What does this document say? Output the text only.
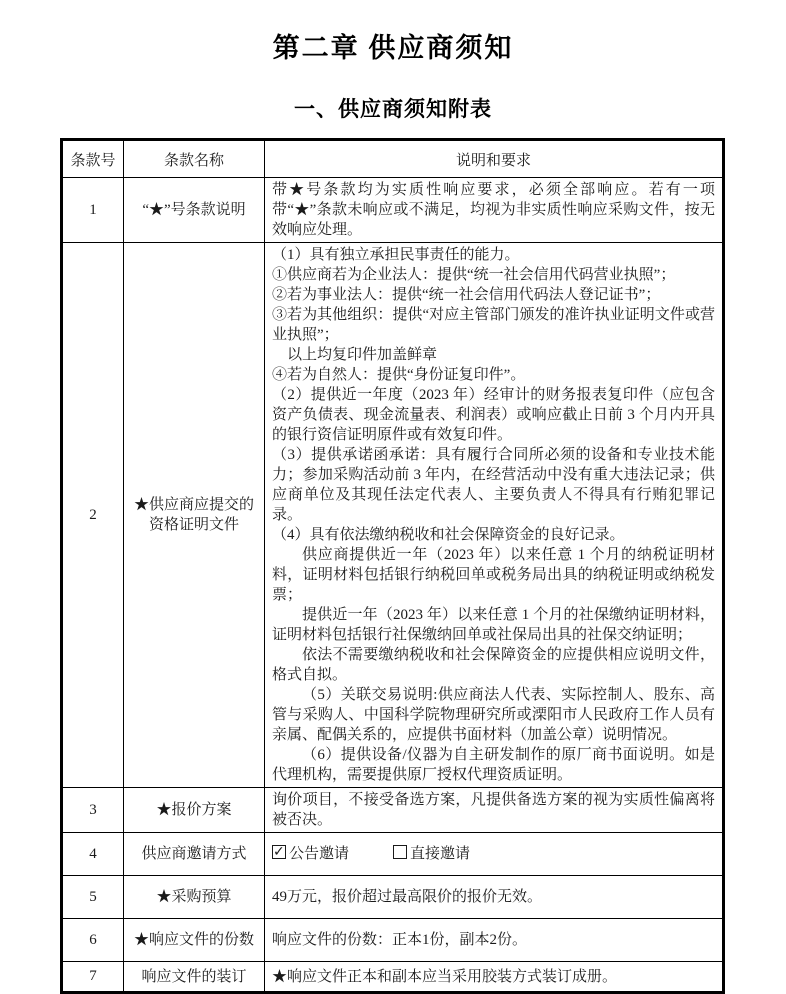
第二章 供应商须知
一、供应商须知附表
条款号	条款名称	说明和要求
1	“★”号条款说明	带★号条款均为实质性响应要求，必须全部响应。若有一项带“★”条款未响应或不满足，均视为非实质性响应采购文件，按无效响应处理。

2	★供应商应提交的资格证明文件	
（1）具有独立承担民事责任的能力。
①供应商若为企业法人：提供“统一社会信用代码营业执照”；
②若为事业法人：提供“统一社会信用代码法人登记证书”；
③若为其他组织：提供“对应主管部门颁发的准许执业证明文件或营业执照”；
以上均复印件加盖鲜章
④若为自然人：提供“身份证复印件”。
（2）提供近一年度（2023 年）经审计的财务报表复印件（应包含资产负债表、现金流量表、利润表）或响应截止日前 3 个月内开具的银行资信证明原件或有效复印件。
（3）提供承诺函承诺：具有履行合同所必须的设备和专业技术能力；参加采购活动前 3 年内，在经营活动中没有重大违法记录；供应商单位及其现任法定代表人、主要负责人不得具有行贿犯罪记录。
（4）具有依法缴纳税收和社会保障资金的良好记录。
供应商提供近一年（2023 年）以来任意 1 个月的纳税证明材料，证明材料包括银行纳税回单或税务局出具的纳税证明或纳税发票；
提供近一年（2023 年）以来任意 1 个月的社保缴纳证明材料，证明材料包括银行社保缴纳回单或社保局出具的社保交纳证明；
依法不需要缴纳税收和社会保障资金的应提供相应说明文件，格式自拟。
（5）关联交易说明:供应商法人代表、实际控制人、股东、高管与采购人、中国科学院物理研究所或溧阳市人民政府工作人员有亲属、配偶关系的，应提供书面材料（加盖公章）说明情况。
（6）提供设备/仪器为自主研发制作的原厂商书面说明。如是代理机构，需要提供原厂授权代理资质证明。

3	★报价方案	询价项目，不接受备选方案，凡提供备选方案的视为实质性偏离将被否决。

4	供应商邀请方式	✓公告邀请 直接邀请
5	★采购预算	49万元，报价超过最高限价的报价无效。

6	★响应文件的份数	响应文件的份数：正本1份，副本2份。

7	响应文件的装订	★响应文件正本和副本应当采用胶装方式装订成册。
